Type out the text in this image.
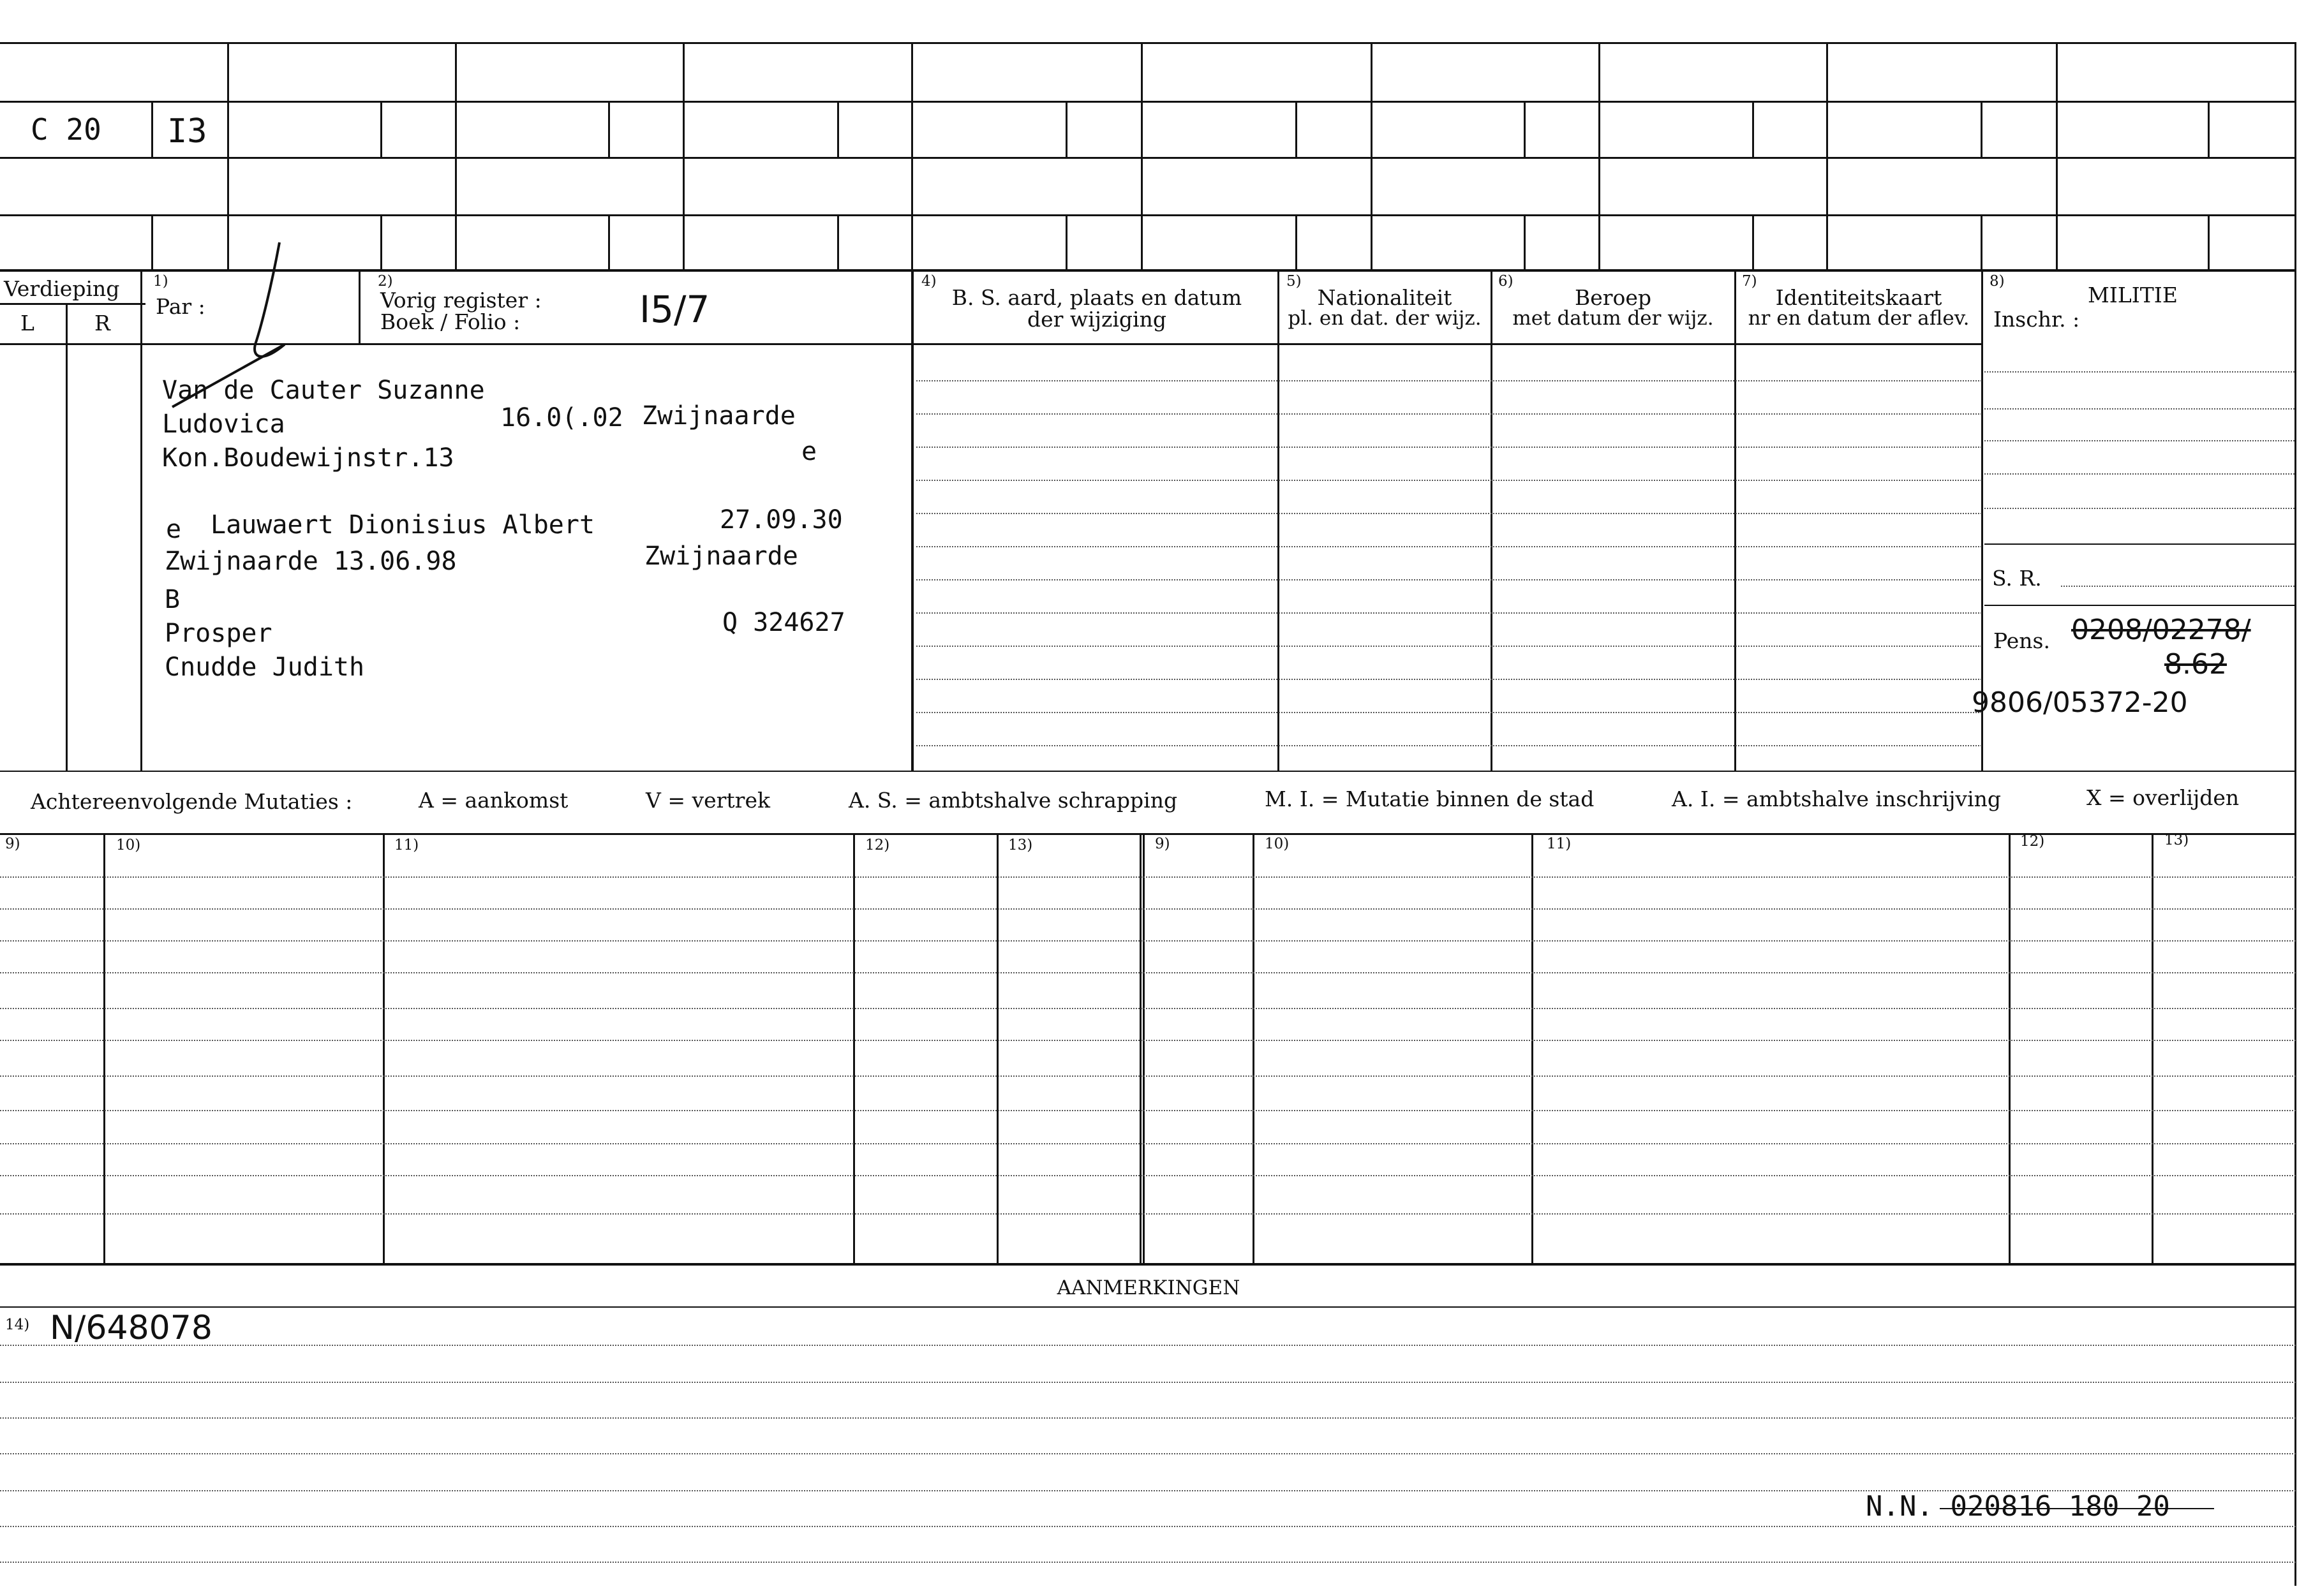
C 20 I3
Verdieping
L	R
1)
Par :
2)
Vorig register :
Boek / Folio :	I5/7
4)
B. S. aard, plaats en datum
der wijziging
5)
Nationaliteit
pl. en dat. der wijz.
6)
Beroep
met datum der wijz.
7)
Identiteitskaart
nr en datum der aflev.
8)
MILITIE
Inschr. :
Van de Cauter Suzanne
Ludovica	16.0(.02 Zwijnaarde
Kon.Boudewijnstr.13	e
e Lauwaert Dionisius Albert	27.09.30
Zwijnaarde 13.06.98	Zwijnaarde
B
Prosper	Q 324627
Cnudde Judith
S. R.
Pens. 0208/02278/
8.62
9806/05372-20
Achtereenvolgende Mutaties :	A = aankomst	V = vertrek	A. S. = ambtshalve schrapping	M. I. = Mutatie binnen de stad	A. I. = ambtshalve inschrijving	X = overlijden
9)	10)	11)	12)	13)	9)	10)	11)	12)	13)
AANMERKINGEN
14) N/648078
N.N. 020816 180 20
